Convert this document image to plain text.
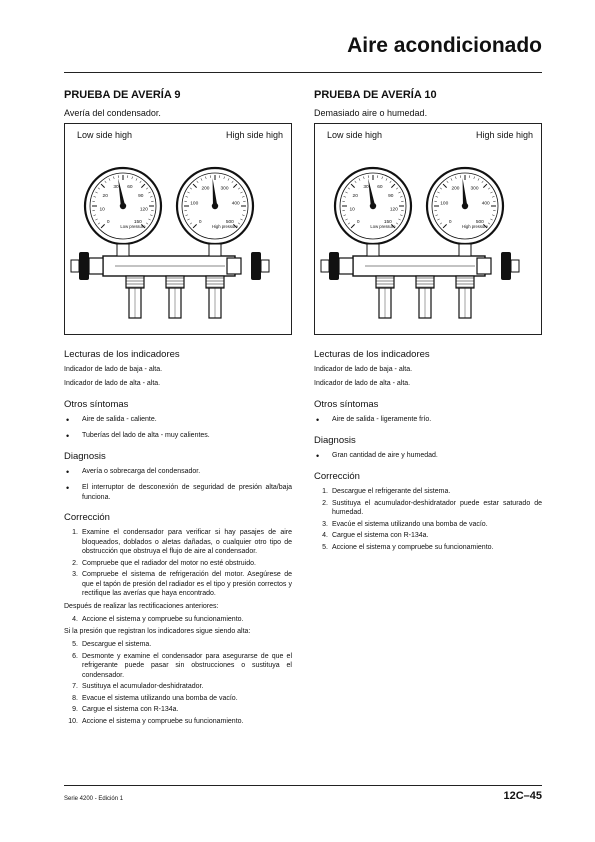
Aire acondicionado
PRUEBA DE AVERÍA 9
Avería del condensador.
Low side high	High side high
0
10
20
30 60
90
120
150
Low pressure
0
100
200 300
400
500
High pressure
Lecturas de los indicadores
Indicador de lado de baja - alta.
Indicador de lado de alta - alta.
Otros síntomas
• Aire de salida - caliente.
• Tuberías del lado de alta - muy calientes.
Diagnosis
• Avería o sobrecarga del condensador.
• El interruptor de desconexión de seguridad de presión alta/baja funciona.
Corrección
1. Examine el condensador para verificar si hay pasajes de aire bloqueados, doblados o aletas dañadas, o cualquier otro tipo de obstrucción que obstruya el flujo de aire al condensador.
2. Compruebe que el radiador del motor no esté obstruido.
3. Compruebe el sistema de refrigeración del motor. Asegúrese de que el tapón de presión del radiador es el tipo y presión correctos y rectifique las averías que haya encontrado.
Después de realizar las rectificaciones anteriores:
4. Accione el sistema y compruebe su funcionamiento.
Si la presión que registran los indicadores sigue siendo alta:
5. Descargue el sistema.
6. Desmonte y examine el condensador para asegurarse de que el refrigerante puede pasar sin obstrucciones o sustituya el condensador.
7. Sustituya el acumulador-deshidratador.
8. Evacue el sistema utilizando una bomba de vacío.
9. Cargue el sistema con R-134a.
10. Accione el sistema y compruebe su funcionamiento.
PRUEBA DE AVERÍA 10
Demasiado aire o humedad.
Low side high	High side high
0
10
20
30 60
90
120
150
Low pressure
0
100
200 300
400
500
High pressure
Lecturas de los indicadores
Indicador de lado de baja - alta.
Indicador de lado de alta - alta.
Otros síntomas
• Aire de salida - ligeramente frío.
Diagnosis
• Gran cantidad de aire y humedad.
Corrección
1. Descargue el refrigerante del sistema.
2. Sustituya el acumulador-deshidratador puede estar saturado de humedad.
3. Evacúe el sistema utilizando una bomba de vacío.
4. Cargue el sistema con R-134a.
5. Accione el sistema y compruebe su funcionamiento.
Serie 4200 - Edición 1	12C–45
